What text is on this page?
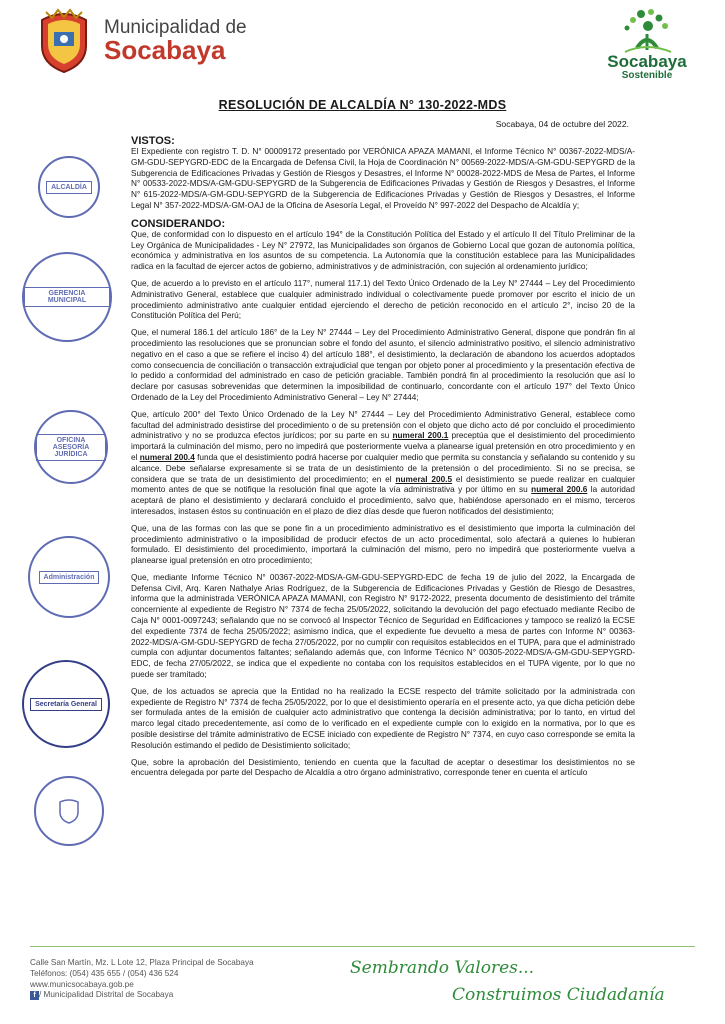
Municipalidad de
Socabaya	Socabaya
Sostenible
RESOLUCIÓN DE ALCALDÍA N° 130-2022-MDS
Socabaya, 04 de octubre del 2022.
ALCALDÍA
GERENCIA MUNICIPAL
OFICINA ASESORÍA JURÍDICA
Administración
Secretaría General

VISTOS:

El Expediente con registro T. D. N° 00009172 presentado por VERÓNICA APAZA MAMANI, el Informe Técnico N° 00367-2022-MDS/A-GM-GDU-SEPYGRD-EDC de la Encargada de Defensa Civil, la Hoja de Coordinación N° 00569-2022-MDS/A-GM-GDU-SEPYGRD de la Subgerencia de Edificaciones Privadas y Gestión de Riesgos y Desastres, el Informe N° 00028-2022-MDS de Mesa de Partes, el Informe N° 00533-2022-MDS/A-GM-GDU-SEPYGRD de la Subgerencia de Edificaciones Privadas y Gestión de Riesgos y Desastres, el Informe N° 615-2022-MDS/A-GM-GDU-SEPYGRD de la Subgerencia de Edificaciones Privadas y Gestión de Riesgos y Desastres, el Informe Legal N° 357-2022-MDS/A-GM-OAJ de la Oficina de Asesoría Legal, el Proveído N° 997-2022 del Despacho de Alcaldía y;

CONSIDERANDO:

Que, de conformidad con lo dispuesto en el artículo 194° de la Constitución Política del Estado y el artículo II del Título Preliminar de la Ley Orgánica de Municipalidades - Ley N° 27972, las Municipalidades son órganos de Gobierno Local que gozan de autonomía política, económica y administrativa en los asuntos de su competencia. La Autonomía que la constitución establece para las Municipalidades radica en la facultad de ejercer actos de gobierno, administrativos y de administración, con sujeción al ordenamiento jurídico;

Que, de acuerdo a lo previsto en el artículo 117°, numeral 117.1) del Texto Único Ordenado de la Ley N° 27444 – Ley del Procedimiento Administrativo General, establece que cualquier administrado individual o colectivamente puede promover por escrito el inicio de un procedimiento administrativo ante cualquier entidad ejerciendo el derecho de petición reconocido en el artículo 2°, inciso 20 de la Constitución Política del Perú;

Que, el numeral 186.1 del artículo 186° de la Ley N° 27444 – Ley del Procedimiento Administrativo General, dispone que pondrán fin al procedimiento las resoluciones que se pronuncian sobre el fondo del asunto, el silencio administrativo positivo, el silencio administrativo negativo en el caso a que se refiere el inciso 4) del artículo 188°, el desistimiento, la declaración de abandono los acuerdos adoptados como consecuencia de conciliación o transacción extrajudicial que tengan por objeto poner al procedimiento y la presentación efectiva de lo pedido a conformidad del administrado en caso de petición graciable. También pondrá fin al procedimiento la resolución que así lo declare por casusas sobrevenidas que determinen la imposibilidad de continuarlo, concordante con el artículo 197° del Texto Único Ordenado de la Ley del Procedimiento Administrativo General – Ley N° 27444;

Que, artículo 200° del Texto Único Ordenado de la Ley N° 27444 – Ley del Procedimiento Administrativo General, establece como facultad del administrado desistirse del procedimiento o de su pretensión con el objeto que dicho acto dé por concluido el procedimiento administrativo y no se produzca efectos jurídicos; por su parte en su numeral 200.1 preceptúa que el desistimiento del procedimiento importará la culminación del mismo, pero no impedirá que posteriormente vuelva a planearse igual pretensión en otro procedimiento y en el numeral 200.4 funda que el desistimiento podrá hacerse por cualquier medio que permita su constancia y señalando su contenido y su alcance. Debe señalarse expresamente si se trata de un desistimiento de la pretensión o del procedimiento. Si no se precisa, se considera que se trata de un desistimiento del procedimiento; en el numeral 200.5 el desistimiento se puede realizar en cualquier momento antes de que se notifique la resolución final que agote la vía administrativa y por último en su numeral 200.6 la autoridad aceptará de plano el desistimiento y declarará concluido el procedimiento, salvo que, habiéndose apersonado en el mismo, terceros interesados, instasen éstos su continuación en el plazo de diez días desde que fueron notificados del desistimiento;

Que, una de las formas con las que se pone fin a un procedimiento administrativo es el desistimiento que importa la culminación del procedimiento administrativo o la imposibilidad de producir efectos de un acto procedimental, solo afectará a quienes lo hubieran formulado. El desistimiento del procedimiento, importará la culminación del mismo, pero no impedirá que posteriormente vuelva a planearse igual pretensión en otro procedimiento;

Que, mediante Informe Técnico N° 00367-2022-MDS/A-GM-GDU-SEPYGRD-EDC de fecha 19 de julio del 2022, la Encargada de Defensa Civil, Arq. Karen Nathalye Arias Rodríguez, de la Subgerencia de Edificaciones Privadas y Gestión de Riesgo de Desastres, informa que la administrada VERÓNICA APAZA MAMANI, con Registro N° 9172-2022, presenta documento de desistimiento del trámite concerniente al expediente de Registro N° 7374 de fecha 25/05/2022, solicitando la devolución del pago efectuado mediante Recibo de Caja N° 0001-0097243; señalando que no se convocó al Inspector Técnico de Seguridad en Edificaciones y tampoco se realizó la ECSE del expediente 7374 de fecha 25/05/2022; asimismo indica, que el expediente fue devuelto a mesa de partes con Informe N° 00363-2022-MDS/A-GM-GDU-SEPYGRD de fecha 27/05/2022, por no cumplir con requisitos establecidos en el TUPA, para que el administrado cumpla con adjuntar documentos faltantes; señalando además que, con Informe Técnico N° 00305-2022-MDS/A-GM-GDU-SEPYGRD-EDC, de fecha 27/05/2022, se indica que el expediente no contaba con los requisitos establecidos en el TUPA vigente, por lo que no puede ser tramitado;

Que, de los actuados se aprecia que la Entidad no ha realizado la ECSE respecto del trámite solicitado por la administrada con expediente de Registro N° 7374 de fecha 25/05/2022, por lo que el desistimiento operaría en el presente acto, ya que dicha petición debe ser formulada antes de la emisión de cualquier acto administrativo que contenga la decisión administrativa; por lo tanto, en virtud del marco legal citado precedentemente, así como de lo verificado en el expediente cumple con lo exigido en la normativa, por lo que es posible desistirse del trámite administrativo de ECSE iniciado con expediente de Registro N° 7374, en cuyo caso corresponde se emita la Resolución estimando el pedido de Desistimiento solicitado;

Que, sobre la aprobación del Desistimiento, teniendo en cuenta que la facultad de aceptar o desestimar los desistimientos no se encuentra delegada por parte del Despacho de Alcaldía a otro órgano administrativo, corresponde tener en cuenta el artículo

Calle San Martín, Mz. L Lote 12, Plaza Principal de Socabaya
Teléfonos: (054) 435 655 / (054) 436 524
www.municsocabaya.gob.pe
f / Municipalidad Distrital de Socabaya
Sembrando Valores...
Construimos Ciudadanía
